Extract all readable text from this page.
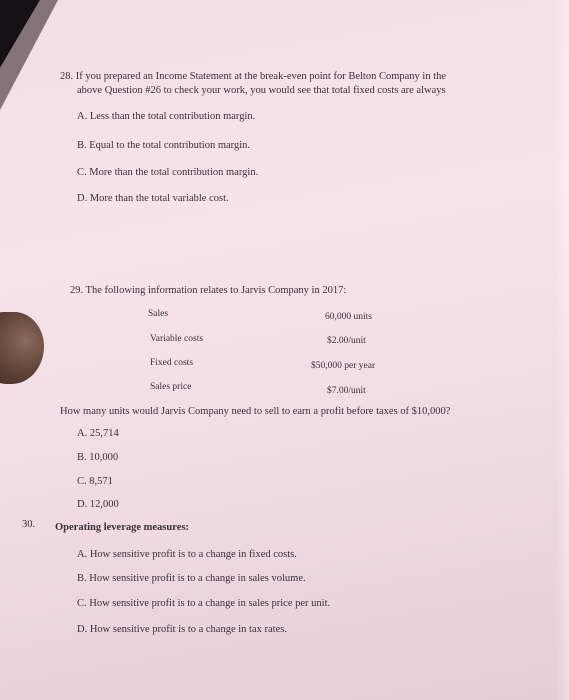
28. If you prepared an Income Statement at the break-even point for Belton Company in the
above Question #26 to check your work, you would see that total fixed costs are always
A. Less than the total contribution margin.
B. Equal to the total contribution margin.
C. More than the total contribution margin.
D. More than the total variable cost.
29. The following information relates to Jarvis Company in 2017:
Sales	60,000 units
Variable costs	$2.00/unit
Fixed costs	$50,000 per year
Sales price	$7.00/unit
How many units would Jarvis Company need to sell to earn a profit before taxes of $10,000?
A. 25,714
B. 10,000
C. 8,571
D. 12,000
30. Operating leverage measures:
A. How sensitive profit is to a change in fixed costs.
B. How sensitive profit is to a change in sales volume.
C. How sensitive profit is to a change in sales price per unit.
D. How sensitive profit is to a change in tax rates.
